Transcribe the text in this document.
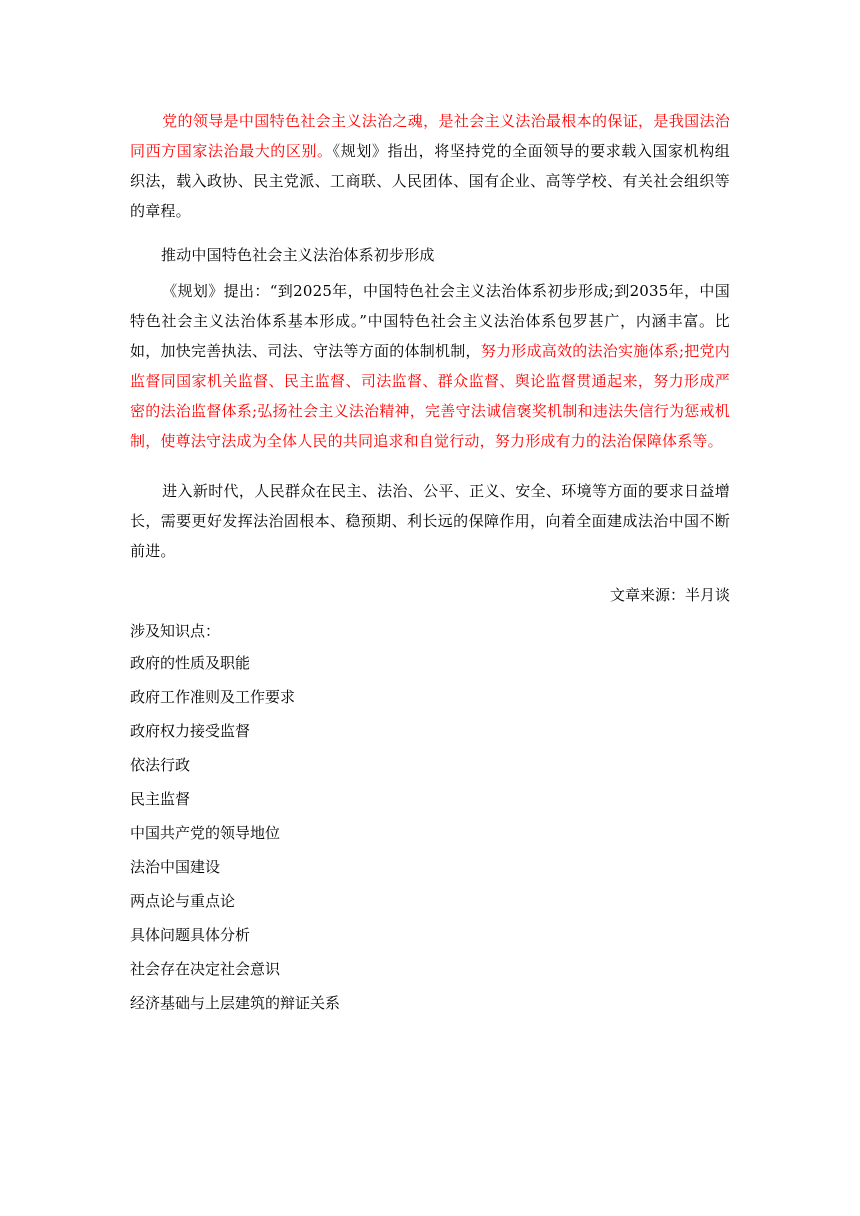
党的领导是中国特色社会主义法治之魂，是社会主义法治最根本的保证，是我国法治同西方国家法治最大的区别。《规划》指出，将坚持党的全面领导的要求载入国家机构组织法，载入政协、民主党派、工商联、人民团体、国有企业、高等学校、有关社会组织等的章程。

推动中国特色社会主义法治体系初步形成

《规划》提出：“到2025年，中国特色社会主义法治体系初步形成;到2035年，中国特色社会主义法治体系基本形成。”中国特色社会主义法治体系包罗甚广，内涵丰富。比如，加快完善执法、司法、守法等方面的体制机制，努力形成高效的法治实施体系;把党内监督同国家机关监督、民主监督、司法监督、群众监督、舆论监督贯通起来，努力形成严密的法治监督体系;弘扬社会主义法治精神，完善守法诚信褒奖机制和违法失信行为惩戒机制，使尊法守法成为全体人民的共同追求和自觉行动，努力形成有力的法治保障体系等。

进入新时代，人民群众在民主、法治、公平、正义、安全、环境等方面的要求日益增长，需要更好发挥法治固根本、稳预期、利长远的保障作用，向着全面建成法治中国不断前进。

文章来源：半月谈

涉及知识点：

政府的性质及职能
政府工作准则及工作要求
政府权力接受监督
依法行政
民主监督
中国共产党的领导地位
法治中国建设
两点论与重点论
具体问题具体分析
社会存在决定社会意识
经济基础与上层建筑的辩证关系
